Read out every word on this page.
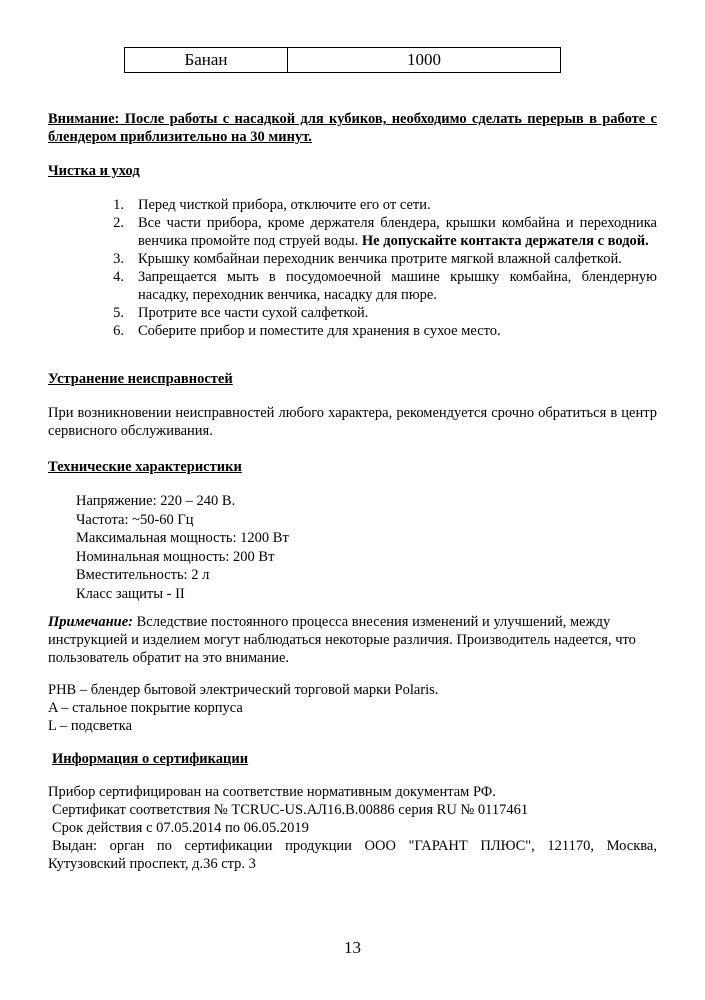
Банан	1000
Внимание: После работы с насадкой для кубиков, необходимо сделать перерыв в работе с блендером приблизительно на 30 минут.
Чистка и уход
1. Перед чисткой прибора, отключите его от сети.
2. Все части прибора, кроме держателя блендера, крышки комбайна и переходника венчика промойте под струей воды. Не допускайте контакта держателя с водой.
3. Крышку комбайнаи переходник венчика протрите мягкой влажной салфеткой.
4. Запрещается мыть в посудомоечной машине крышку комбайна, блендерную насадку, переходник венчика, насадку для пюре.
5. Протрите все части сухой салфеткой.
6. Соберите прибор и поместите для хранения в сухое место.
Устранение неисправностей
При возникновении неисправностей любого характера, рекомендуется срочно обратиться в центр сервисного обслуживания.
Технические характеристики
Напряжение: 220 – 240 В.
Частота: ~50-60 Гц
Максимальная мощность: 1200 Вт
Номинальная мощность: 200 Вт
Вместительность: 2 л
Класс защиты - II
Примечание: Вследствие постоянного процесса внесения изменений и улучшений, между инструкцией и изделием могут наблюдаться некоторые различия. Производитель надеется, что пользователь обратит на это внимание.
PHB – блендер бытовой электрический торговой марки Polaris.
A – стальное покрытие корпуса
L – подсветка
Информация о сертификации
Прибор сертифицирован на соответствие нормативным документам РФ.
Сертификат соответствия № TCRUC-US.АЛ16.В.00886 серия RU № 0117461
Срок действия с 07.05.2014 по 06.05.2019
Выдан: орган по сертификации продукции ООО "ГАРАНТ ПЛЮС", 121170, Москва, Кутузовский проспект, д.36 стр. 3
13
